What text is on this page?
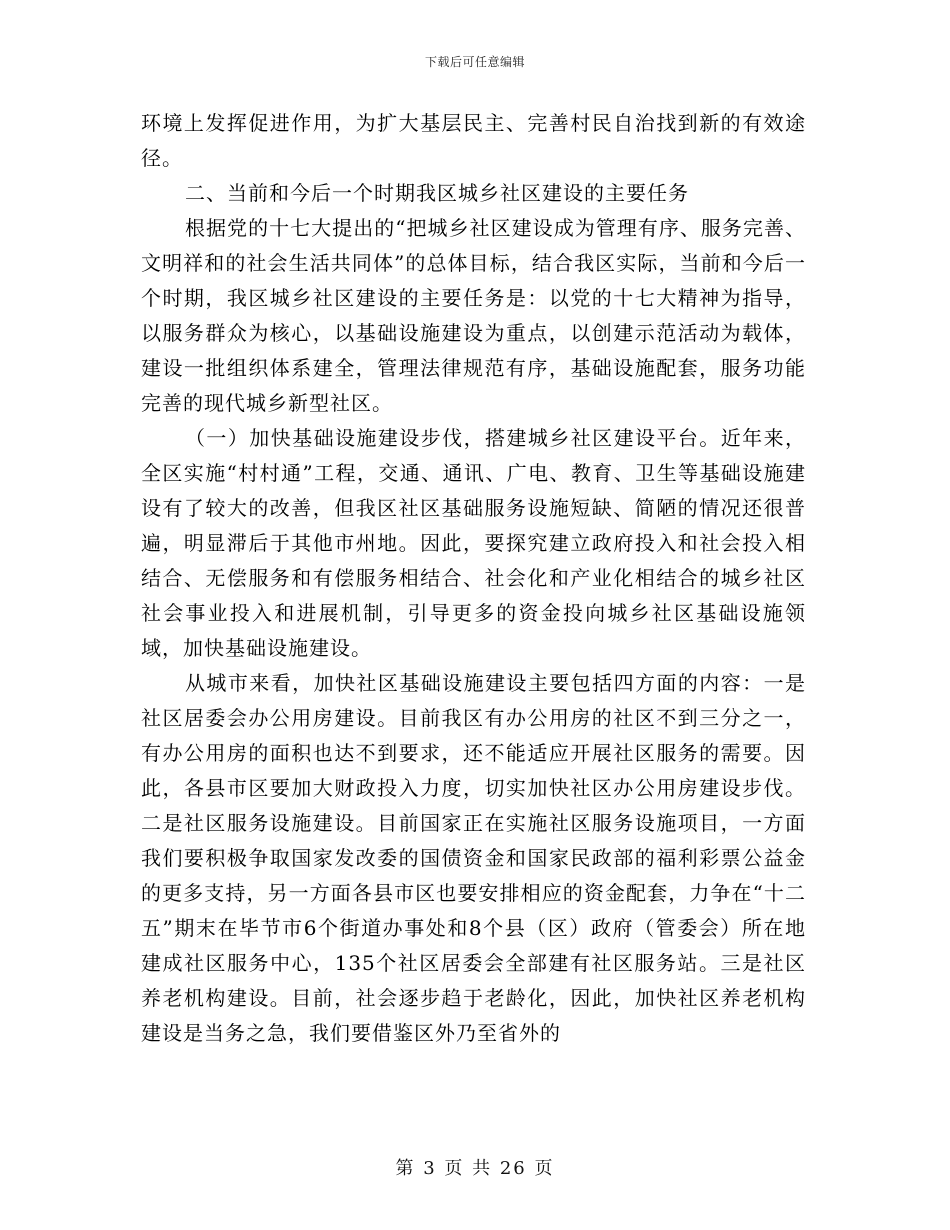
下载后可任意编辑

环境上发挥促进作用，为扩大基层民主、完善村民自治找到新的有效途径。

二、当前和今后一个时期我区城乡社区建设的主要任务

根据党的十七大提出的“把城乡社区建设成为管理有序、服务完善、文明祥和的社会生活共同体”的总体目标，结合我区实际，当前和今后一个时期，我区城乡社区建设的主要任务是：以党的十七大精神为指导，以服务群众为核心，以基础设施建设为重点，以创建示范活动为载体，建设一批组织体系建全，管理法律规范有序，基础设施配套，服务功能完善的现代城乡新型社区。

（一）加快基础设施建设步伐，搭建城乡社区建设平台。近年来，全区实施“村村通”工程，交通、通讯、广电、教育、卫生等基础设施建设有了较大的改善，但我区社区基础服务设施短缺、简陋的情况还很普遍，明显滞后于其他市州地。因此，要探究建立政府投入和社会投入相结合、无偿服务和有偿服务相结合、社会化和产业化相结合的城乡社区社会事业投入和进展机制，引导更多的资金投向城乡社区基础设施领域，加快基础设施建设。

从城市来看，加快社区基础设施建设主要包括四方面的内容：一是社区居委会办公用房建设。目前我区有办公用房的社区不到三分之一，有办公用房的面积也达不到要求，还不能适应开展社区服务的需要。因此，各县市区要加大财政投入力度，切实加快社区办公用房建设步伐。二是社区服务设施建设。目前国家正在实施社区服务设施项目，一方面我们要积极争取国家发改委的国债资金和国家民政部的福利彩票公益金的更多支持，另一方面各县市区也要安排相应的资金配套，力争在“十二五”期末在毕节市6个街道办事处和8个县（区）政府（管委会）所在地建成社区服务中心，135个社区居委会全部建有社区服务站。三是社区养老机构建设。目前，社会逐步趋于老龄化，因此，加快社区养老机构建设是当务之急，我们要借鉴区外乃至省外的

第 3 页 共 26 页
